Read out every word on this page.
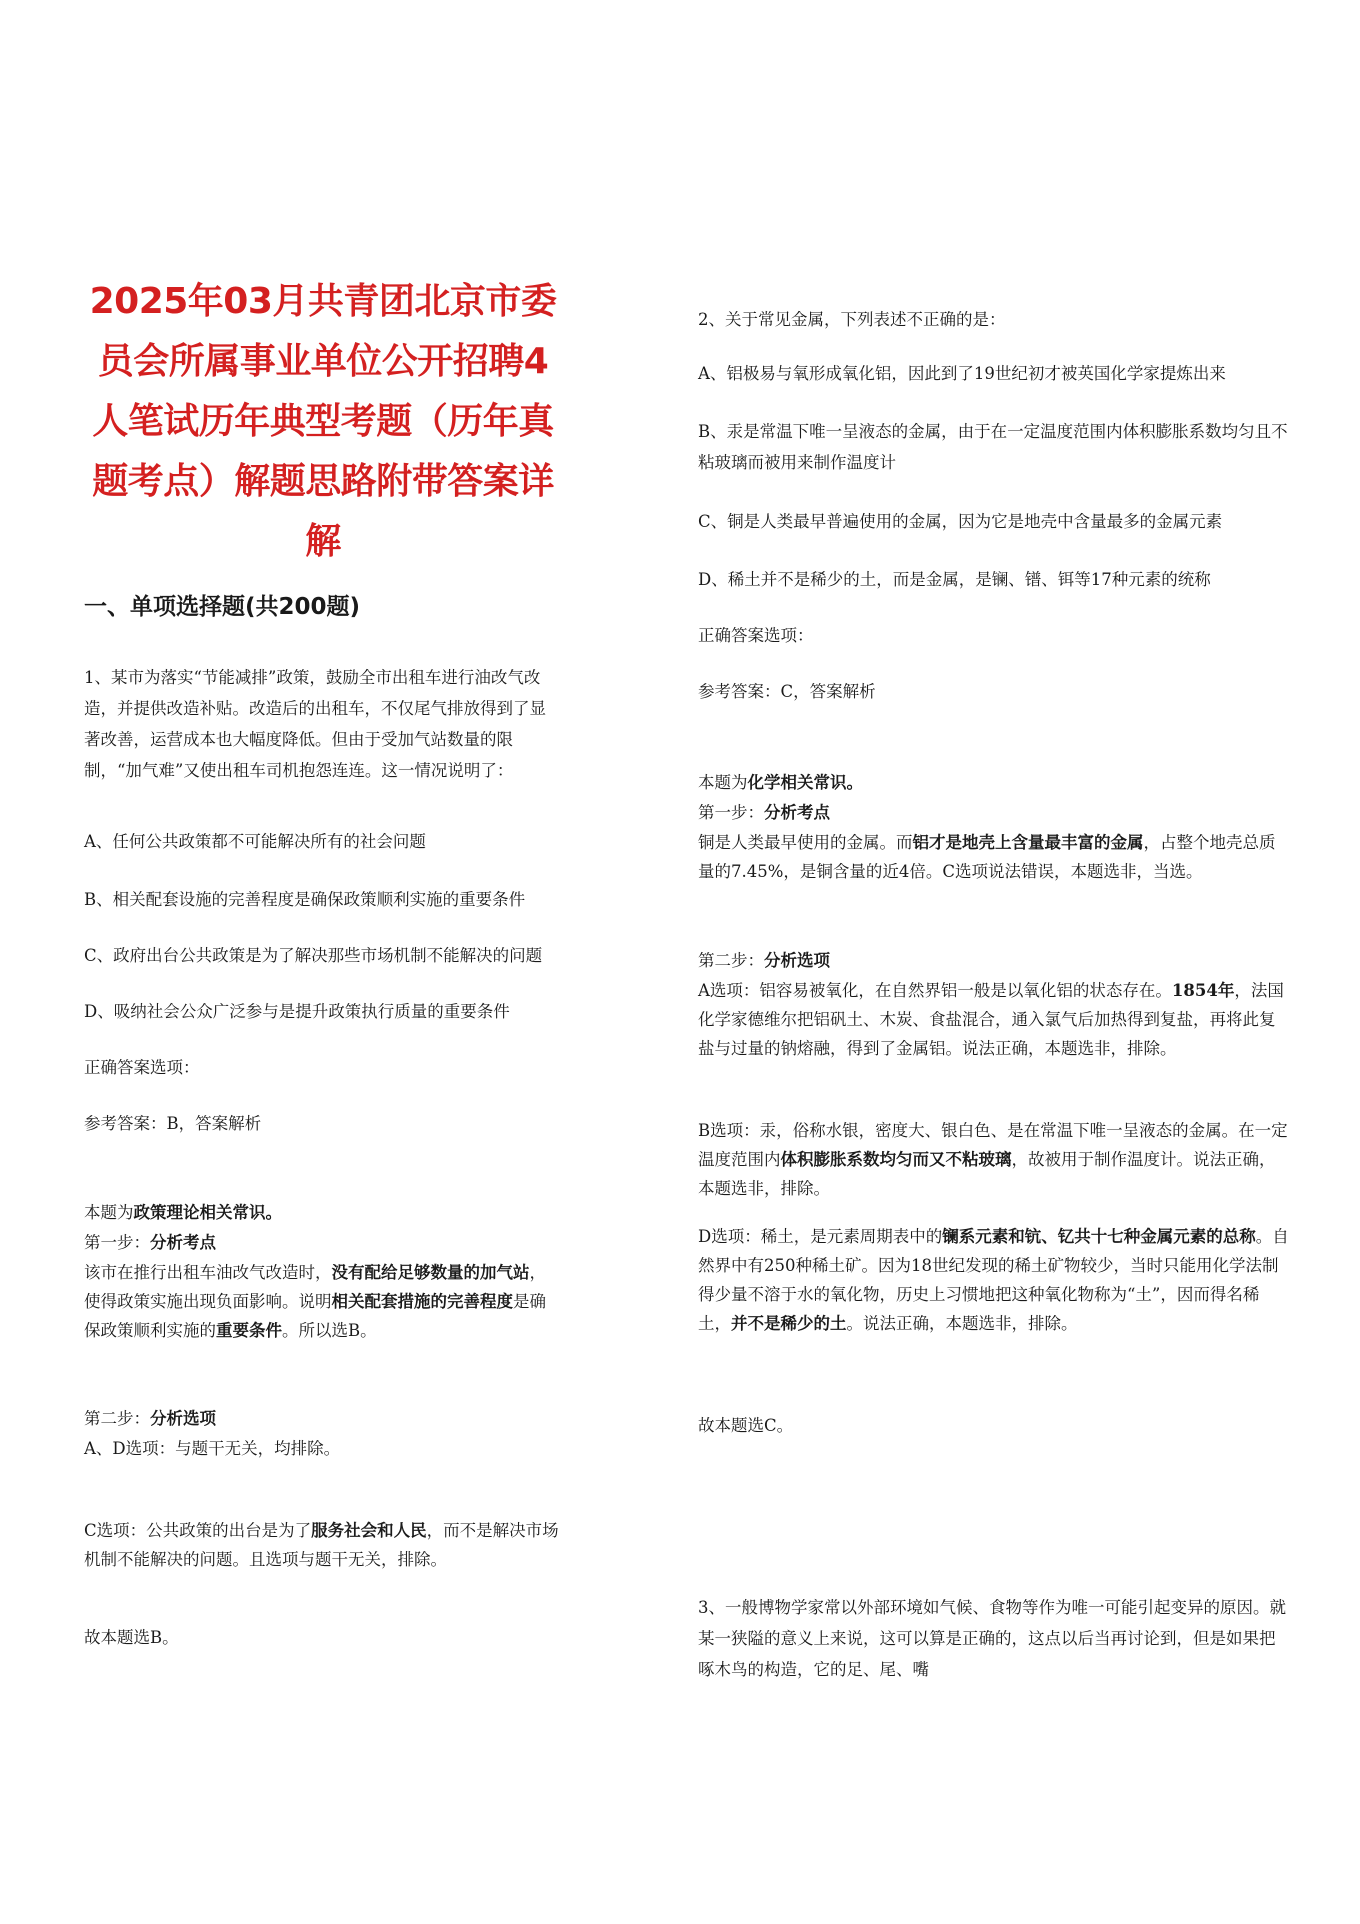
2025年03月共青团北京市委员会所属事业单位公开招聘4人笔试历年典型考题（历年真题考点）解题思路附带答案详解
一、单项选择题(共200题)

1、某市为落实“节能减排”政策，鼓励全市出租车进行油改气改造，并提供改造补贴。改造后的出租车，不仅尾气排放得到了显著改善，运营成本也大幅度降低。但由于受加气站数量的限制，“加气难”又使出租车司机抱怨连连。这一情况说明了：

A、任何公共政策都不可能解决所有的社会问题

B、相关配套设施的完善程度是确保政策顺利实施的重要条件

C、政府出台公共政策是为了解决那些市场机制不能解决的问题

D、吸纳社会公众广泛参与是提升政策执行质量的重要条件

正确答案选项：

参考答案：B，答案解析

本题为政策理论相关常识。

第一步：分析考点

该市在推行出租车油改气改造时，没有配给足够数量的加气站，使得政策实施出现负面影响。说明相关配套措施的完善程度是确保政策顺利实施的重要条件。所以选B。

第二步：分析选项

A、D选项：与题干无关，均排除。

C选项：公共政策的出台是为了服务社会和人民，而不是解决市场机制不能解决的问题。且选项与题干无关，排除。

故本题选B。

2、关于常见金属，下列表述不正确的是：

A、铝极易与氧形成氧化铝，因此到了19世纪初才被英国化学家提炼出来

B、汞是常温下唯一呈液态的金属，由于在一定温度范围内体积膨胀系数均匀且不粘玻璃而被用来制作温度计

C、铜是人类最早普遍使用的金属，因为它是地壳中含量最多的金属元素

D、稀土并不是稀少的土，而是金属，是镧、镨、铒等17种元素的统称

正确答案选项：

参考答案：C，答案解析

本题为化学相关常识。

第一步：分析考点

铜是人类最早使用的金属。而铝才是地壳上含量最丰富的金属，占整个地壳总质量的7.45%，是铜含量的近4倍。C选项说法错误，本题选非，当选。

第二步：分析选项

A选项：铝容易被氧化，在自然界铝一般是以氧化铝的状态存在。1854年，法国化学家德维尔把铝矾土、木炭、食盐混合，通入氯气后加热得到复盐，再将此复盐与过量的钠熔融，得到了金属铝。说法正确，本题选非，排除。

B选项：汞，俗称水银，密度大、银白色、是在常温下唯一呈液态的金属。在一定温度范围内体积膨胀系数均匀而又不粘玻璃，故被用于制作温度计。说法正确，本题选非，排除。

D选项：稀土，是元素周期表中的镧系元素和钪、钇共十七种金属元素的总称。自然界中有250种稀土矿。因为18世纪发现的稀土矿物较少，当时只能用化学法制得少量不溶于水的氧化物，历史上习惯地把这种氧化物称为“土”，因而得名稀土，并不是稀少的土。说法正确，本题选非，排除。

故本题选C。

3、一般博物学家常以外部环境如气候、食物等作为唯一可能引起变异的原因。就某一狭隘的意义上来说，这可以算是正确的，这点以后当再讨论到，但是如果把啄木鸟的构造，它的足、尾、嘴
